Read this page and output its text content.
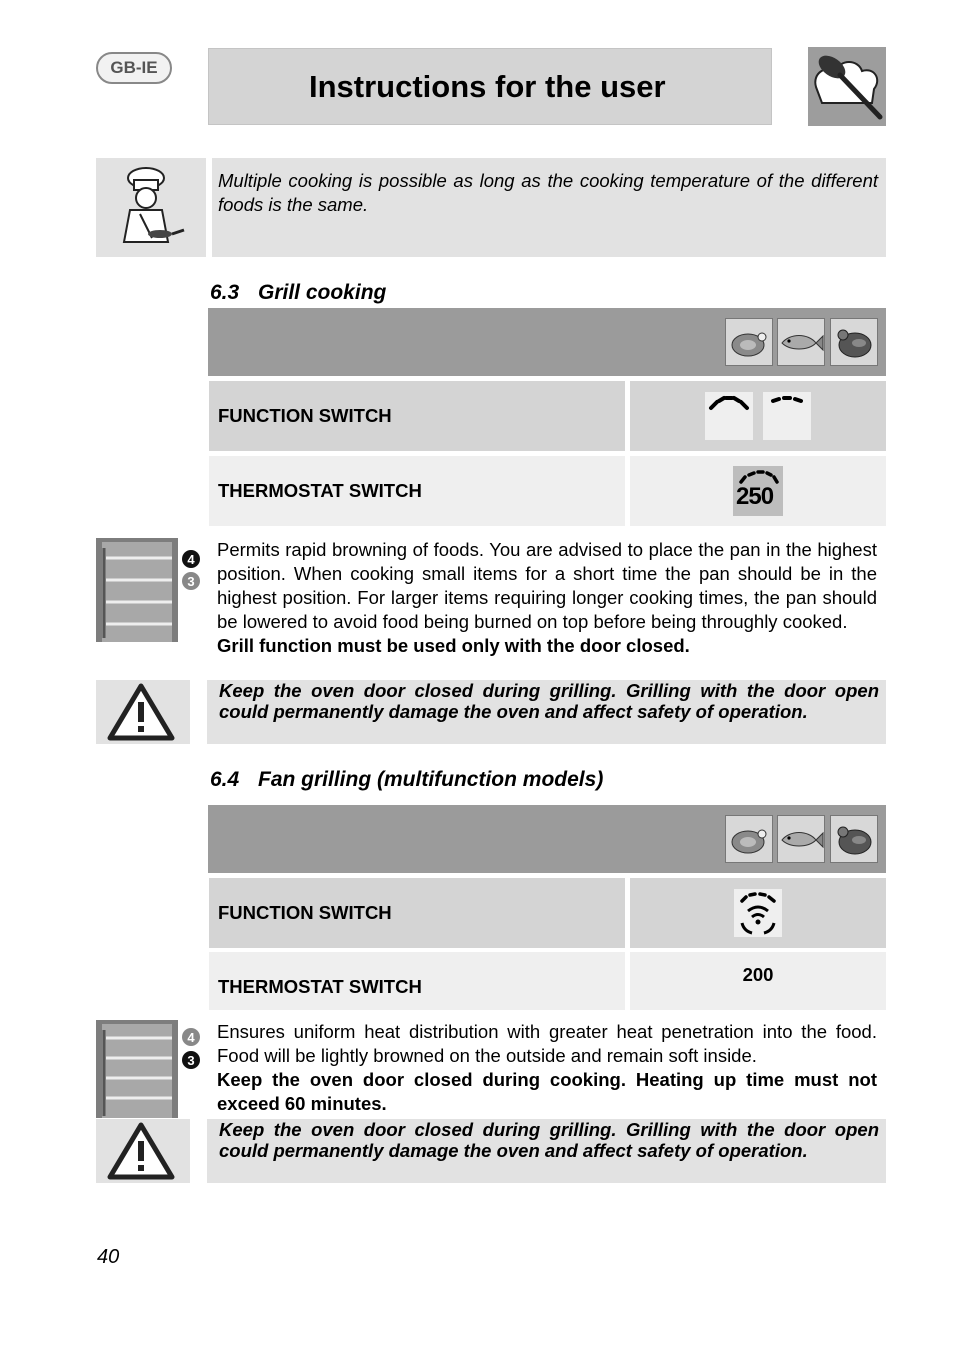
GB-IE
Instructions for the user
Multiple cooking is possible as long as the cooking temperature of the different foods is the same.
6.3 Grill cooking
FUNCTION SWITCH
THERMOSTAT SWITCH	250
4
3
Permits rapid browning of foods. You are advised to place the pan in the highest position. When cooking small items for a short time the pan should be in the highest position. For larger items requiring longer cooking times, the pan should be lowered to avoid food being burned on top before being throughly cooked.
Grill function must be used only with the door closed.
Keep the oven door closed during grilling. Grilling with the door open could permanently damage the oven and affect safety of operation.
6.4 Fan grilling (multifunction models)
FUNCTION SWITCH
THERMOSTAT SWITCH
200
4
3
Ensures uniform heat distribution with greater heat penetration into the food. Food will be lightly browned on the outside and remain soft inside.
Keep the oven door closed during cooking. Heating up time must not exceed 60 minutes.
Keep the oven door closed during grilling. Grilling with the door open could permanently damage the oven and affect safety of operation.
40
